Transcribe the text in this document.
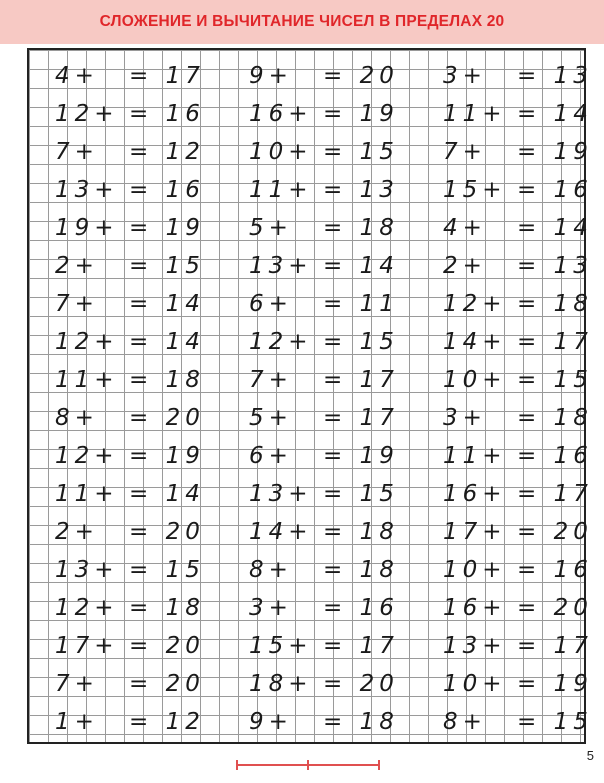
СЛОЖЕНИЕ И ВЫЧИТАНИЕ ЧИСЕЛ В ПРЕДЕЛАХ 20
4+ = 17 9+ = 20 3+ = 13
12+ = 16 16+ = 19 11+ = 14
7+ = 12 10+ = 15 7+ = 19
13+ = 16 11+ = 13 15+ = 16
19+ = 19 5+ = 18 4+ = 14
2+ = 15 13+ = 14 2+ = 13
7+ = 14 6+ = 11 12+ = 18
12+ = 14 12+ = 15 14+ = 17
11+ = 18 7+ = 17 10+ = 15
8+ = 20 5+ = 17 3+ = 18
12+ = 19 6+ = 19 11+ = 16
11+ = 14 13+ = 15 16+ = 17
2+ = 20 14+ = 18 17+ = 20
13+ = 15 8+ = 18 10+ = 16
12+ = 18 3+ = 16 16+ = 20
17+ = 20 15+ = 17 13+ = 17
7+ = 20 18+ = 20 10+ = 19
1+ = 12 9+ = 18 8+ = 15
5
